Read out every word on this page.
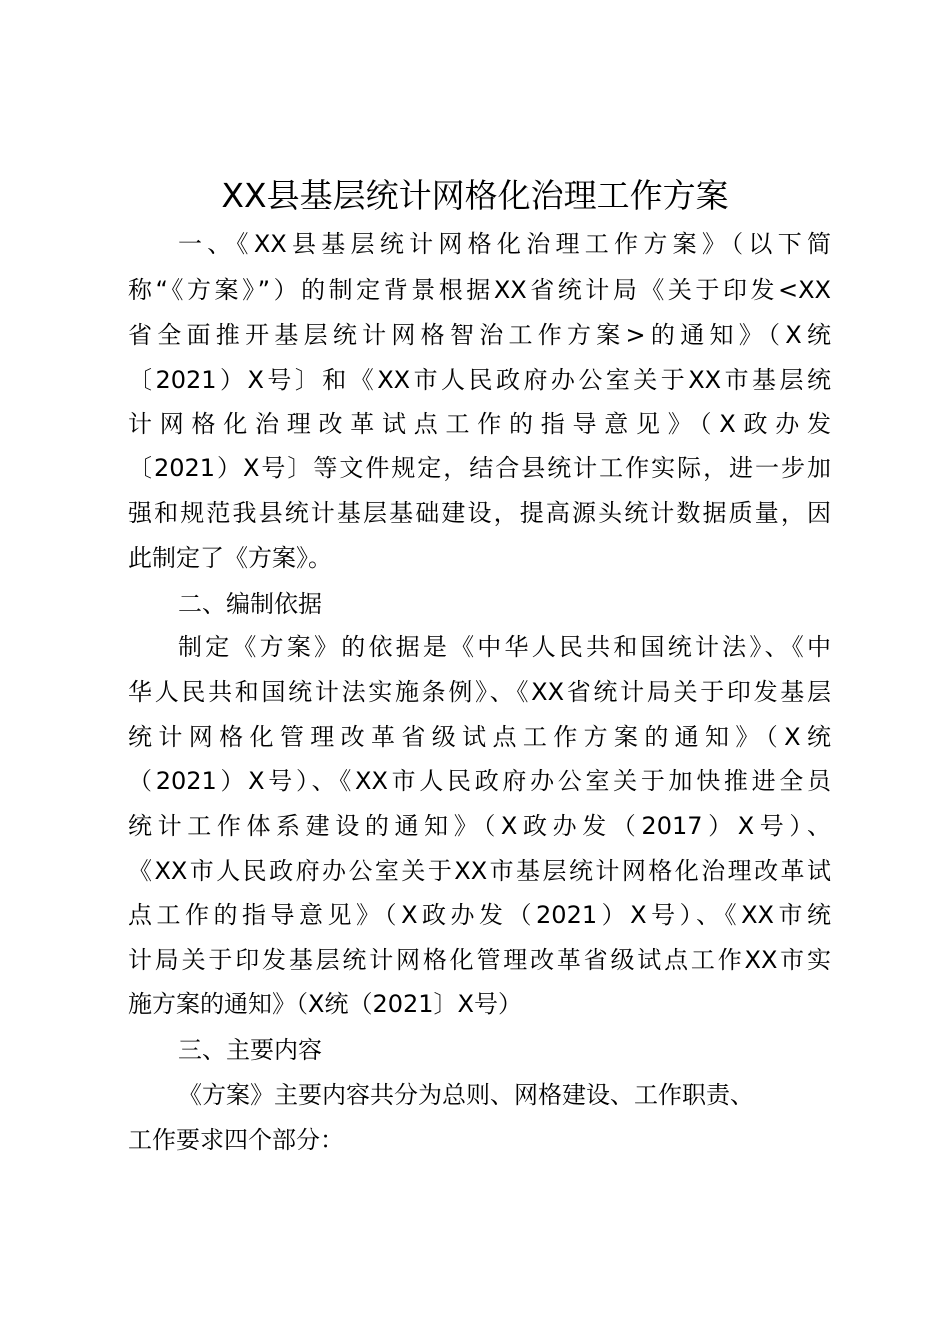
XX县基层统计网格化治理工作方案
一、《XX县基层统计网格化治理工作方案》（以下简
称“《方案》”）的制定背景根据XX省统计局《关于印发<XX
省全面推开基层统计网格智治工作方案>的通知》（X统
〔2021）X号〕和《XX市人民政府办公室关于XX市基层统
计网格化治理改革试点工作的指导意见》（X政办发
〔2021）X号〕等文件规定，结合县统计工作实际，进一步加
强和规范我县统计基层基础建设，提高源头统计数据质量，因
此制定了《方案》。
二、编制依据
制定《方案》的依据是《中华人民共和国统计法》、《中
华人民共和国统计法实施条例》、《XX省统计局关于印发基层
统计网格化管理改革省级试点工作方案的通知》（X统
（2021）X号）、《XX市人民政府办公室关于加快推进全员
统计工作体系建设的通知》（X政办发（2017）X号）、
《XX市人民政府办公室关于XX市基层统计网格化治理改革试
点工作的指导意见》（X政办发（2021）X号）、《XX市统
计局关于印发基层统计网格化管理改革省级试点工作XX市实
施方案的通知》（X统（2021〕X号）
三、主要内容
《方案》主要内容共分为总则、网格建设、工作职责、
工作要求四个部分：
